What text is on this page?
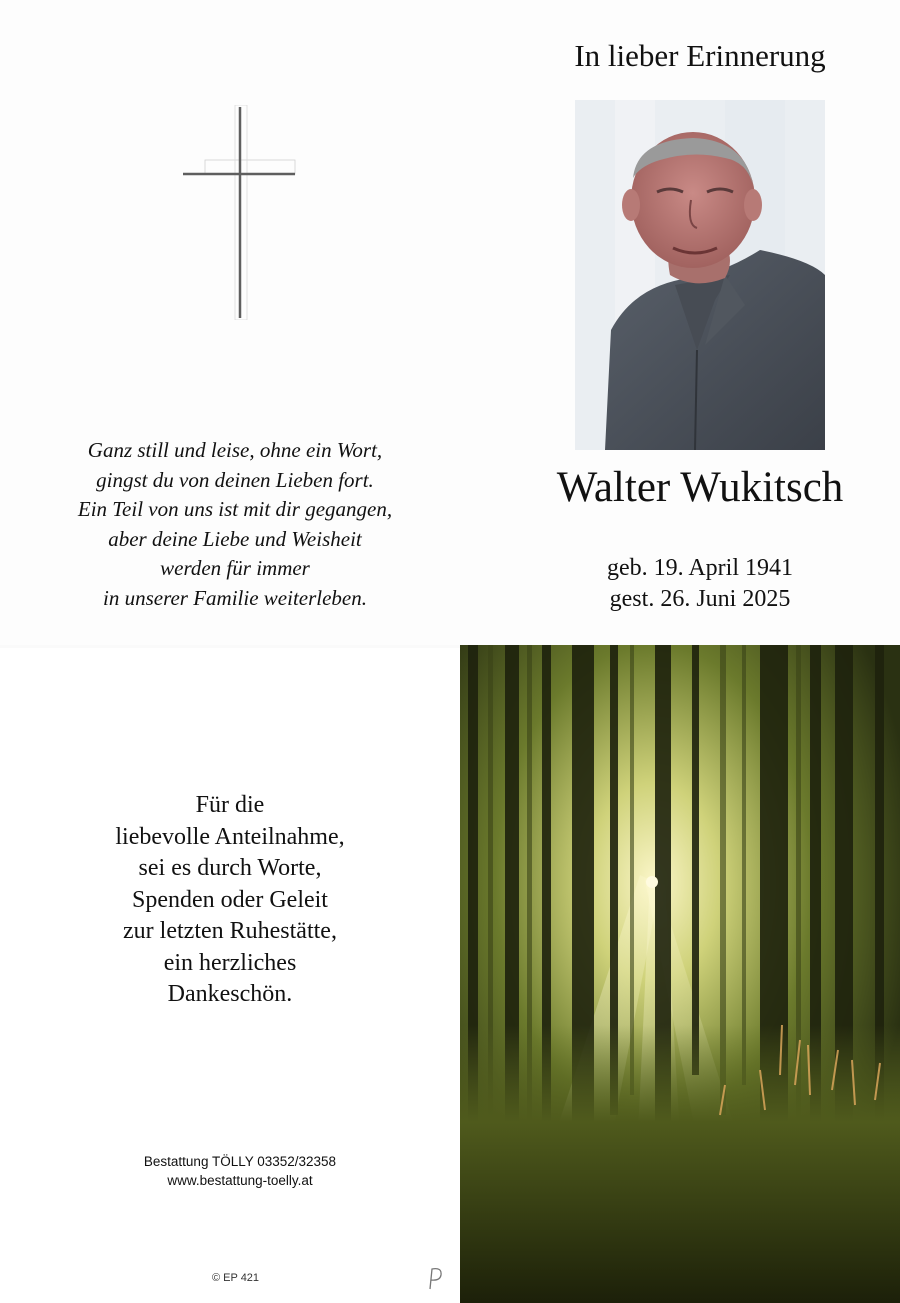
Ganz still und leise, ohne ein Wort,
gingst du von deinen Lieben fort.
Ein Teil von uns ist mit dir gegangen,
aber deine Liebe und Weisheit
werden für immer
in unserer Familie weiterleben.
In lieber Erinnerung
Walter Wukitsch
geb. 19. April 1941
gest. 26. Juni 2025
Für die
liebevolle Anteilnahme,
sei es durch Worte,
Spenden oder Geleit
zur letzten Ruhestätte,
ein herzliches
Dankeschön.
Bestattung TÖLLY 03352/32358
www.bestattung-toelly.at
© EP 421
